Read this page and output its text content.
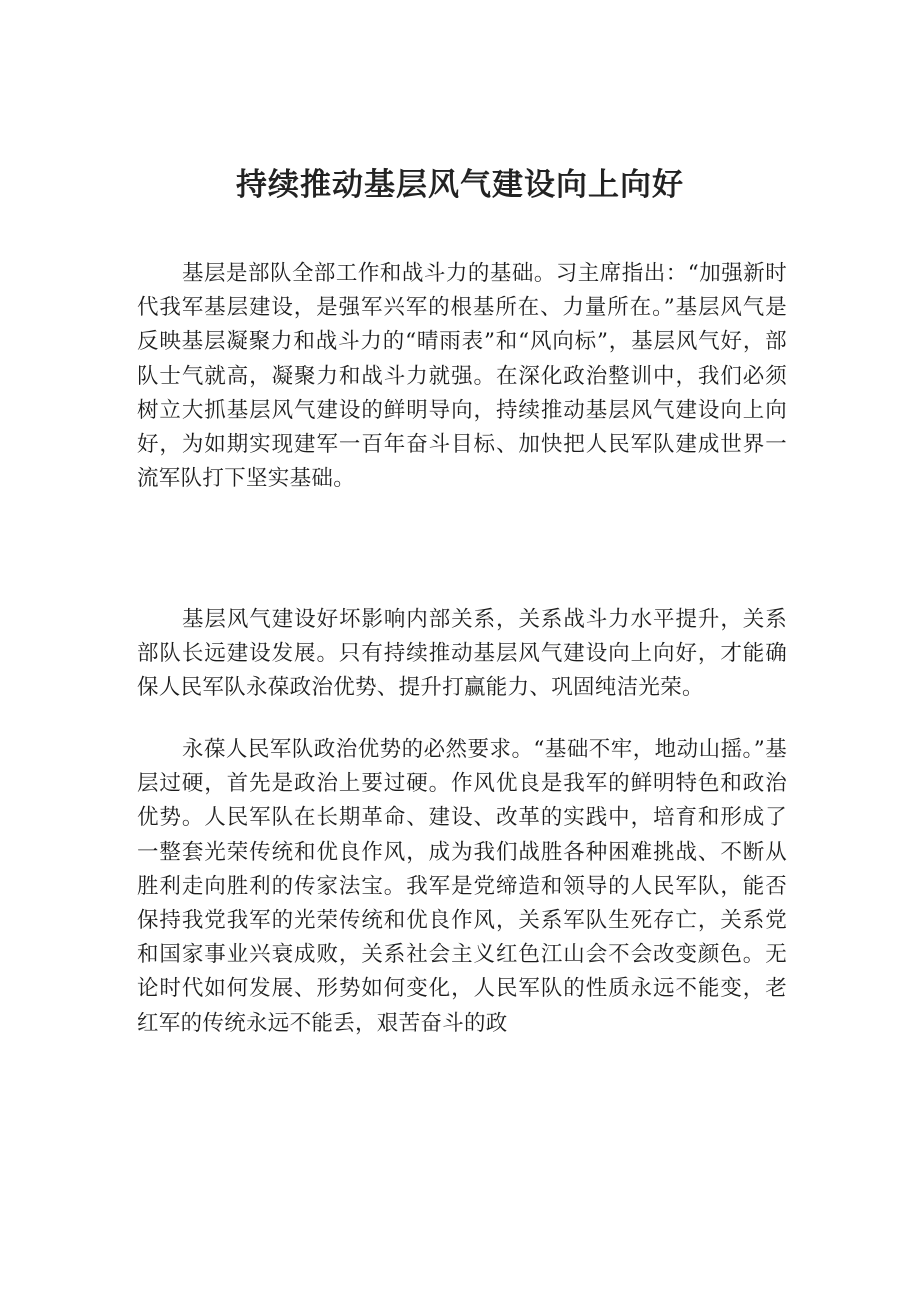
持续推动基层风气建设向上向好

基层是部队全部工作和战斗力的基础。习主席指出：“加强新时代我军基层建设，是强军兴军的根基所在、力量所在。”基层风气是反映基层凝聚力和战斗力的“晴雨表”和“风向标”，基层风气好，部队士气就高，凝聚力和战斗力就强。在深化政治整训中，我们必须树立大抓基层风气建设的鲜明导向，持续推动基层风气建设向上向好，为如期实现建军一百年奋斗目标、加快把人民军队建成世界一流军队打下坚实基础。

基层风气建设好坏影响内部关系，关系战斗力水平提升，关系部队长远建设发展。只有持续推动基层风气建设向上向好，才能确保人民军队永葆政治优势、提升打赢能力、巩固纯洁光荣。

永葆人民军队政治优势的必然要求。“基础不牢，地动山摇。”基层过硬，首先是政治上要过硬。作风优良是我军的鲜明特色和政治优势。人民军队在长期革命、建设、改革的实践中，培育和形成了一整套光荣传统和优良作风，成为我们战胜各种困难挑战、不断从胜利走向胜利的传家法宝。我军是党缔造和领导的人民军队，能否保持我党我军的光荣传统和优良作风，关系军队生死存亡，关系党和国家事业兴衰成败，关系社会主义红色江山会不会改变颜色。无论时代如何发展、形势如何变化，人民军队的性质永远不能变，老红军的传统永远不能丢，艰苦奋斗的政
